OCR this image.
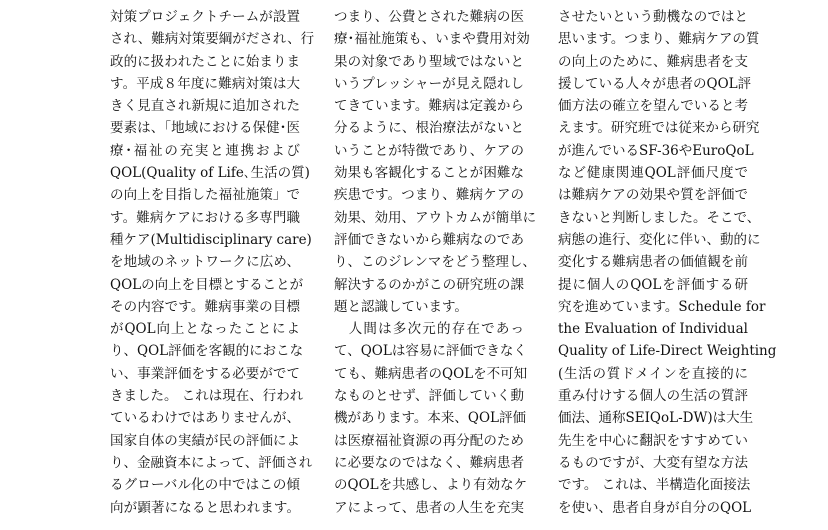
対策プロジェクトチームが設置
され、難病対策要綱がだされ、行
政的に扱われたことに始まりま
す。平成８年度に難病対策は大
きく見直され新規に追加された
要素は、「地域における保健･医
療･福祉の充実と連携および
QOL(Quality of Life､生活の質)
の向上を目指した福祉施策」で
す。難病ケアにおける多専門職
種ケア(Multidisciplinary care)
を地域のネットワークに広め、
QOLの向上を目標とすることが
その内容です。難病事業の目標
がQOL向上となったことによ
り、QOL評価を客観的におこな
い、事業評価をする必要がでて
きました。 これは現在、行われ
ているわけではありませんが、
国家自体の実績が民の評価によ
り、金融資本によって、評価され
るグローバル化の中ではこの傾
向が顕著になると思われます。
つまり、公費とされた難病の医
療･福祉施策も、いまや費用対効
果の対象であり聖域ではないと
いうプレッシャーが見え隠れし
てきています。難病は定義から
分るように、根治療法がないと
いうことが特徴であり、ケアの
効果も客観化することが困難な
疾患です。つまり、難病ケアの
効果、効用、アウトカムが簡単に
評価できないから難病なのであ
り、このジレンマをどう整理し、
解決するのかがこの研究班の課
題と認識しています。
　人間は多次元的存在であっ
て、QOLは容易に評価できなく
ても、難病患者のQOLを不可知
なものとせず、評価していく動
機があります。本来、QOL評価
は医療福祉資源の再分配のため
に必要なのではなく、難病患者
のQOLを共感し、より有効なケ
アによって、患者の人生を充実
させたいという動機なのではと
思います。つまり、難病ケアの質
の向上のために、難病患者を支
援している人々が患者のQOL評
価方法の確立を望んでいると考
えます。研究班では従来から研究
が進んでいるSF-36やEuroQoL
など健康関連QOL評価尺度で
は難病ケアの効果や質を評価で
きないと判断しました。そこで、
病態の進行、変化に伴い、動的に
変化する難病患者の価値観を前
提に個人のQOLを評価する研
究を進めています。Schedule for
the Evaluation of Individual
Quality of Life-Direct Weighting
(生活の質ドメインを直接的に
重み付けする個人の生活の質評
価法、通称SEIQoL-DW)は大生
先生を中心に翻訳をすすめてい
るものですが、大変有望な方法
です。 これは、半構造化面接法
を使い、患者自身が自分のQOL
